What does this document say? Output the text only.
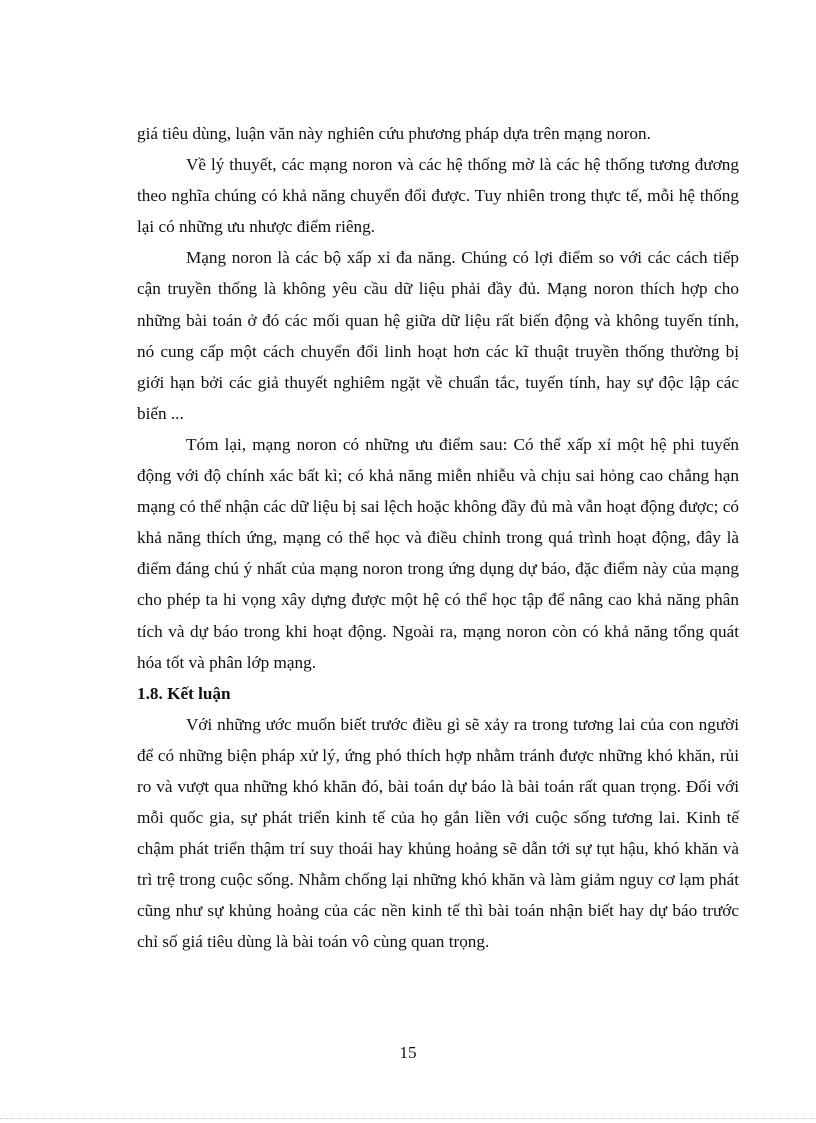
giá tiêu dùng, luận văn này nghiên cứu phương pháp dựa trên mạng noron.

Về lý thuyết, các mạng noron và các hệ thống mờ là các hệ thống tương đương theo nghĩa chúng có khả năng chuyển đổi được. Tuy nhiên trong thực tế, mỗi hệ thống lại có những ưu nhược điểm riêng.

Mạng noron là các bộ xấp xỉ đa năng. Chúng có lợi điểm so với các cách tiếp cận truyền thống là không yêu cầu dữ liệu phải đầy đủ. Mạng noron thích hợp cho những bài toán ở đó các mối quan hệ giữa dữ liệu rất biến động và không tuyến tính, nó cung cấp một cách chuyển đổi linh hoạt hơn các kĩ thuật truyền thống thường bị giới hạn bởi các giả thuyết nghiêm ngặt về chuẩn tắc, tuyến tính, hay sự độc lập các biến ...

Tóm lại, mạng noron có những ưu điểm sau: Có thể xấp xỉ một hệ phi tuyến động với độ chính xác bất kì; có khả năng miễn nhiễu và chịu sai hỏng cao chẳng hạn mạng có thể nhận các dữ liệu bị sai lệch hoặc không đầy đủ mà vẫn hoạt động được; có khả năng thích ứng, mạng có thể học và điều chỉnh trong quá trình hoạt động, đây là điểm đáng chú ý nhất của mạng noron trong ứng dụng dự báo, đặc điểm này của mạng cho phép ta hi vọng xây dựng được một hệ có thể học tập để nâng cao khả năng phân tích và dự báo trong khi hoạt động. Ngoài ra, mạng noron còn có khả năng tổng quát hóa tốt và phân lớp mạng.

1.8. Kết luận

Với những ước muốn biết trước điều gì sẽ xảy ra trong tương lai của con người để có những biện pháp xử lý, ứng phó thích hợp nhằm tránh được những khó khăn, rủi ro và vượt qua những khó khăn đó, bài toán dự báo là bài toán rất quan trọng. Đối với mỗi quốc gia, sự phát triển kinh tế của họ gắn liền với cuộc sống tương lai. Kinh tế chậm phát triển thậm trí suy thoái hay khủng hoảng sẽ dẫn tới sự tụt hậu, khó khăn và trì trệ trong cuộc sống. Nhằm chống lại những khó khăn và làm giảm nguy cơ lạm phát cũng như sự khủng hoảng của các nền kinh tế thì bài toán nhận biết hay dự báo trước chỉ số giá tiêu dùng là bài toán vô cùng quan trọng.

15
